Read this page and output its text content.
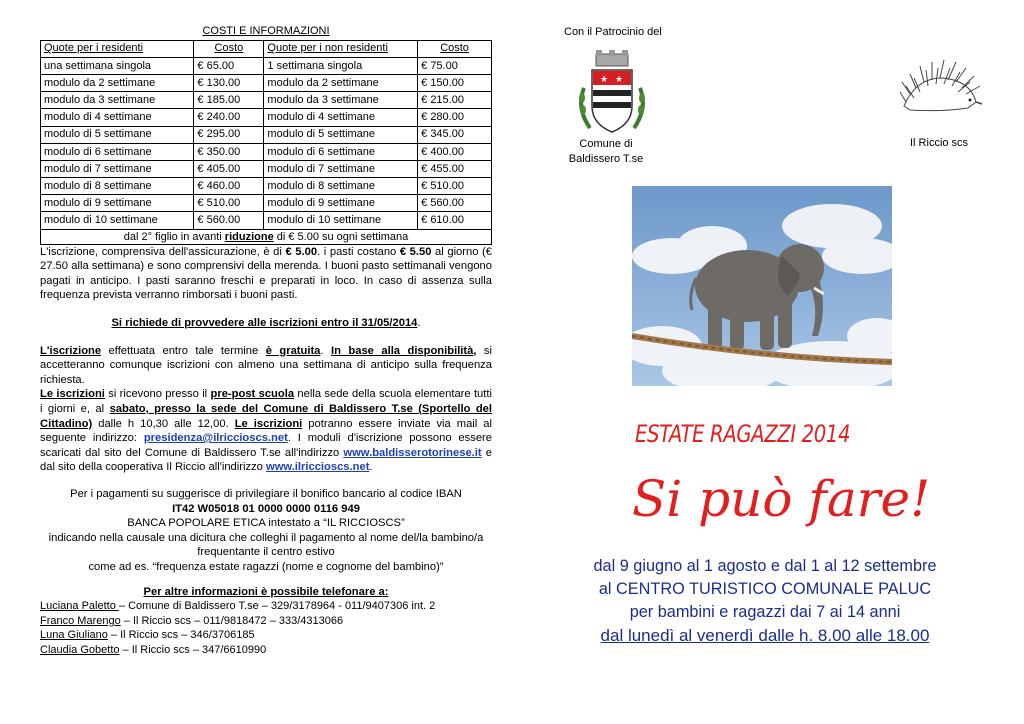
COSTI E INFORMAZIONI
Quote per i residenti	Costo	Quote per i non residenti	Costo
una settimana singola	€ 65.00	1 settimana singola	€ 75.00
modulo da 2 settimane	€ 130.00	modulo da 2 settimane	€ 150.00
modulo da 3 settimane	€ 185.00	modulo da 3 settimane	€ 215.00
modulo di 4 settimane	€ 240.00	modulo di 4 settimane	€ 280.00
modulo di 5 settimane	€ 295.00	modulo di 5 settimane	€ 345.00
modulo di 6 settimane	€ 350.00	modulo di 6 settimane	€ 400.00
modulo di 7 settimane	€ 405.00	modulo di 7 settimane	€ 455.00
modulo di 8 settimane	€ 460.00	modulo di 8 settimane	€ 510.00
modulo di 9 settimane	€ 510.00	modulo di 9 settimane	€ 560.00
modulo di 10 settimane	€ 560.00	modulo di 10 settimane	€ 610.00
dal 2° figlio in avanti riduzione di € 5.00 su ogni settimana

L'iscrizione, comprensiva dell'assicurazione, è di € 5.00. i pasti costano € 5.50 al giorno (€ 27.50 alla settimana) e sono comprensivi della merenda. I buoni pasto settimanali vengono pagati in anticipo. I pasti saranno freschi e preparati in loco. In caso di assenza sulla frequenza prevista verranno rimborsati i buoni pasti.

Si richiede di provvedere alle iscrizioni entro il 31/05/2014.

L'iscrizione effettuata entro tale termine è gratuita. In base alla disponibilità, si accetteranno comunque iscrizioni con almeno una settimana di anticipo sulla frequenza richiesta.

Le iscrizioni si ricevono presso il pre-post scuola nella sede della scuola elementare tutti i giorni e, al sabato, presso la sede del Comune di Baldissero T.se (Sportello del Cittadino) dalle h 10,30 alle 12,00. Le iscrizioni potranno essere inviate via mail al seguente indirizzo: presidenza@ilriccioscs.net. I moduli d'iscrizione possono essere scaricati dal sito del Comune di Baldissero T.se all'indirizzo www.baldisserotorinese.it e dal sito della cooperativa Il Riccio all'indirizzo www.ilriccioscs.net.

Per i pagamenti su suggerisce di privilegiare il bonifico bancario al codice IBAN

IT42 W05018 01 0000 0000 0116 949

BANCA POPOLARE ETICA intestato a “IL RICCIOSCS”

indicando nella causale una dicitura che colleghi il pagamento al nome del/la bambino/a frequentante il centro estivo

come ad es. “frequenza estate ragazzi (nome e cognome del bambino)”

Per altre informazioni è possibile telefonare a:

Luciana Paletto – Comune di Baldissero T.se – 329/3178964 - 011/9407306 int. 2
Franco Marengo – Il Riccio scs – 011/9818472 – 333/4313066
Luna Giuliano – Il Riccio scs – 346/3706185
Claudia Gobetto – Il Riccio scs – 347/6610990
Con il Patrocinio del
★ ★
Comune di
Baldissero T.se
Il Riccio scs
ESTATE RAGAZZI 2014
Si può fare!
dal 9 giugno al 1 agosto e dal 1 al 12 settembre
al CENTRO TURISTICO COMUNALE PALUC
per bambini e ragazzi dai 7 ai 14 anni
dal lunedì al venerdì dalle h. 8.00 alle 18.00
